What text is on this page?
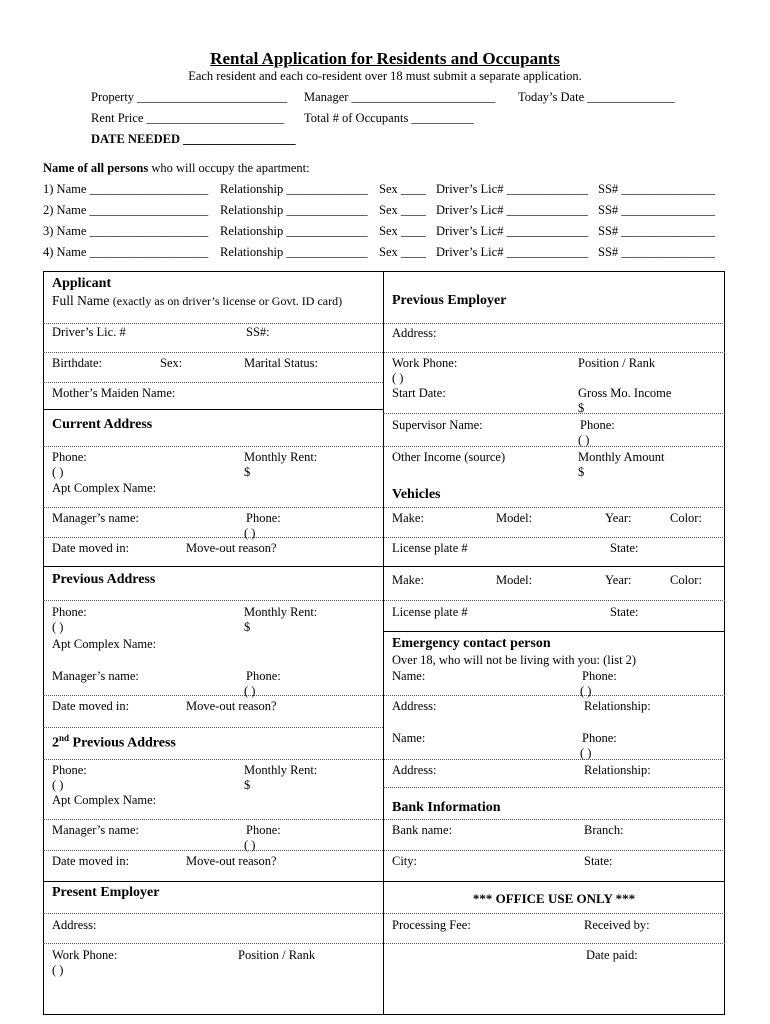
Rental Application for Residents and Occupants
Each resident and each co-resident over 18 must submit a separate application.
Property ________________________ Manager _______________________ Today’s Date ______________
Rent Price ______________________ Total # of Occupants __________
DATE NEEDED __________________
Name of all persons who will occupy the apartment:
1) Name ___________________ Relationship _____________ Sex ____ Driver’s Lic# _____________ SS# _______________
2) Name ___________________ Relationship _____________ Sex ____ Driver’s Lic# _____________ SS# _______________
3) Name ___________________ Relationship _____________ Sex ____ Driver’s Lic# _____________ SS# _______________
4) Name ___________________ Relationship _____________ Sex ____ Driver’s Lic# _____________ SS# _______________
Applicant
Full Name (exactly as on driver’s license or Govt. ID card)
Driver’s Lic. #	SS#:
Birthdate:	Sex:	Marital Status:
Mother’s Maiden Name:
Current Address
Phone:
( )
Monthly Rent:
$
Apt Complex Name:
Manager’s name:	Phone:
( )
Date moved in:	Move-out reason?
Previous Address
Phone:
( )
Monthly Rent:
$
Apt Complex Name:
Manager’s name:	Phone:
( )
Date moved in:	Move-out reason?
2nd Previous Address
Phone:
( )
Monthly Rent:
$
Apt Complex Name:
Manager’s name:	Phone:
( )
Date moved in:	Move-out reason?
Present Employer
Address:
Work Phone:
( )
Position / Rank
Previous Employer
Address:
Work Phone:
( )
Position / Rank
Start Date:	Gross Mo. Income
$
Supervisor Name:	Phone:
( )
Other Income (source)	Monthly Amount
$
Vehicles
Make:	Model:	Year:	Color:
License plate #	State:
Make:	Model:	Year:	Color:
License plate #	State:
Emergency contact person
Over 18, who will not be living with you: (list 2)
Name:	Phone:
( )
Address:	Relationship:
Name:	Phone:
( )
Address:	Relationship:
Bank Information
Bank name:	Branch:
City:	State:
*** OFFICE USE ONLY ***
Processing Fee:	Received by:
Date paid:
